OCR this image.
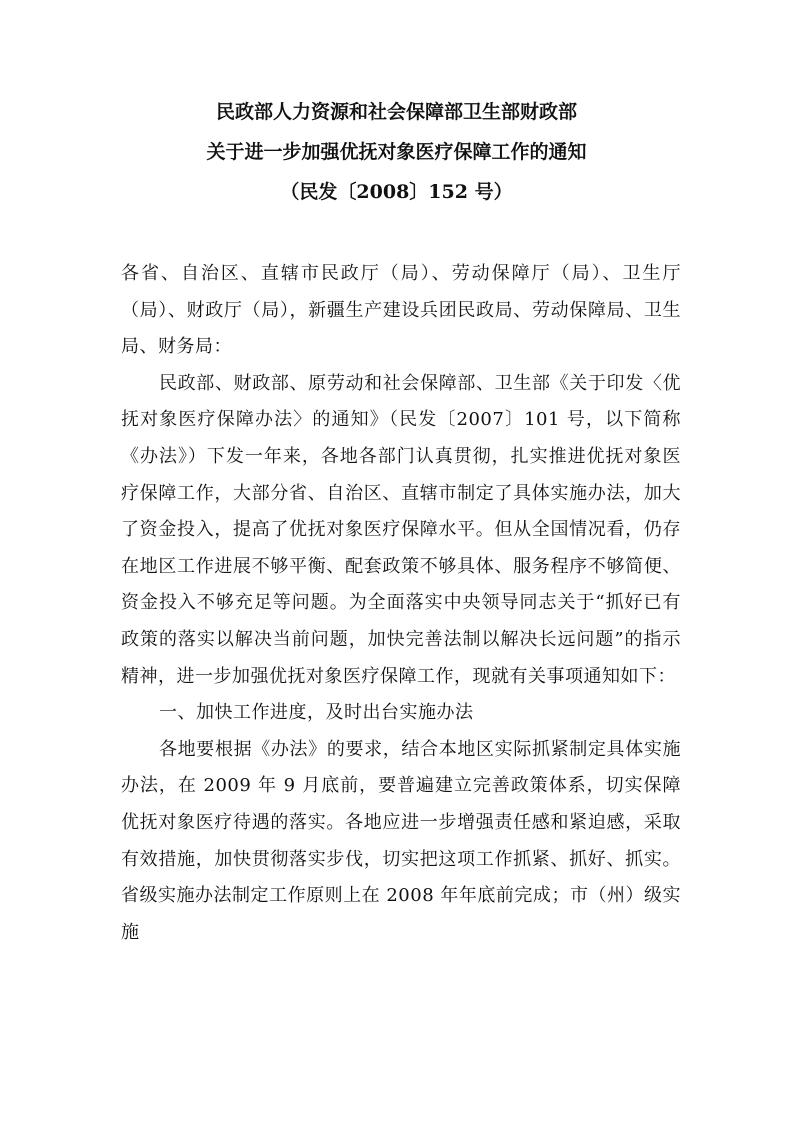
民政部人力资源和社会保障部卫生部财政部
关于进一步加强优抚对象医疗保障工作的通知
（民发〔2008〕152 号）

各省、自治区、直辖市民政厅（局）、劳动保障厅（局）、卫生厅（局）、财政厅（局），新疆生产建设兵团民政局、劳动保障局、卫生局、财务局：

民政部、财政部、原劳动和社会保障部、卫生部《关于印发〈优抚对象医疗保障办法〉的通知》（民发〔2007〕101 号，以下简称《办法》）下发一年来，各地各部门认真贯彻，扎实推进优抚对象医疗保障工作，大部分省、自治区、直辖市制定了具体实施办法，加大了资金投入，提高了优抚对象医疗保障水平。但从全国情况看，仍存在地区工作进展不够平衡、配套政策不够具体、服务程序不够简便、资金投入不够充足等问题。为全面落实中央领导同志关于“抓好已有政策的落实以解决当前问题，加快完善法制以解决长远问题”的指示精神，进一步加强优抚对象医疗保障工作，现就有关事项通知如下：

一、加快工作进度，及时出台实施办法

各地要根据《办法》的要求，结合本地区实际抓紧制定具体实施办法，在 2009 年 9 月底前，要普遍建立完善政策体系，切实保障优抚对象医疗待遇的落实。各地应进一步增强责任感和紧迫感，采取有效措施，加快贯彻落实步伐，切实把这项工作抓紧、抓好、抓实。省级实施办法制定工作原则上在 2008 年年底前完成；市（州）级实施
